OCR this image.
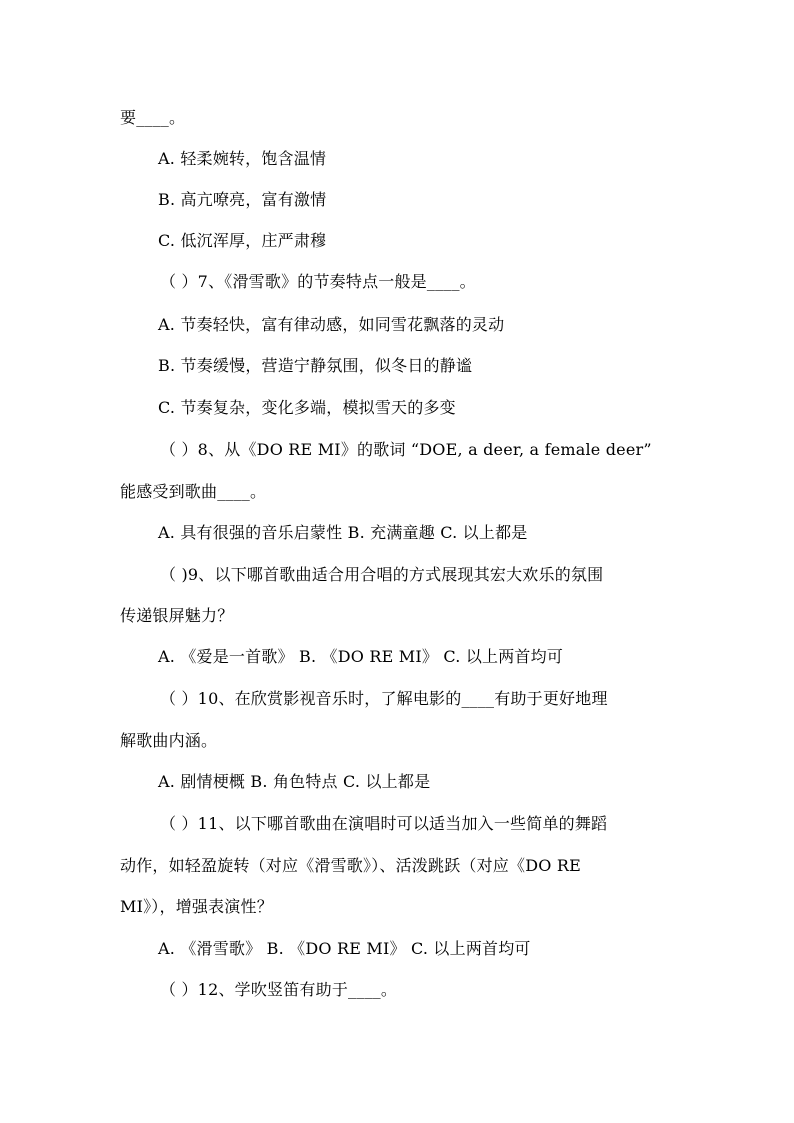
要____。
A. 轻柔婉转，饱含温情
B. 高亢嘹亮，富有激情
C. 低沉浑厚，庄严肃穆
（ ）7、《滑雪歌》的节奏特点一般是____。
A. 节奏轻快，富有律动感，如同雪花飘落的灵动
B. 节奏缓慢，营造宁静氛围，似冬日的静谧
C. 节奏复杂，变化多端，模拟雪天的多变
（ ）8、从《DO RE MI》的歌词 “DOE, a deer, a female deer”
能感受到歌曲____。
A. 具有很强的音乐启蒙性 B. 充满童趣 C. 以上都是
（ )9、以下哪首歌曲适合用合唱的方式展现其宏大欢乐的氛围
传递银屏魅力？
A. 《爱是一首歌》 B. 《DO RE MI》 C. 以上两首均可
（ ）10、在欣赏影视音乐时，了解电影的____有助于更好地理
解歌曲内涵。
A. 剧情梗概 B. 角色特点 C. 以上都是
（ ）11、以下哪首歌曲在演唱时可以适当加入一些简单的舞蹈
动作，如轻盈旋转（对应《滑雪歌》）、活泼跳跃（对应《DO RE
MI》），增强表演性？
A. 《滑雪歌》 B. 《DO RE MI》 C. 以上两首均可
（ ）12、学吹竖笛有助于____。
